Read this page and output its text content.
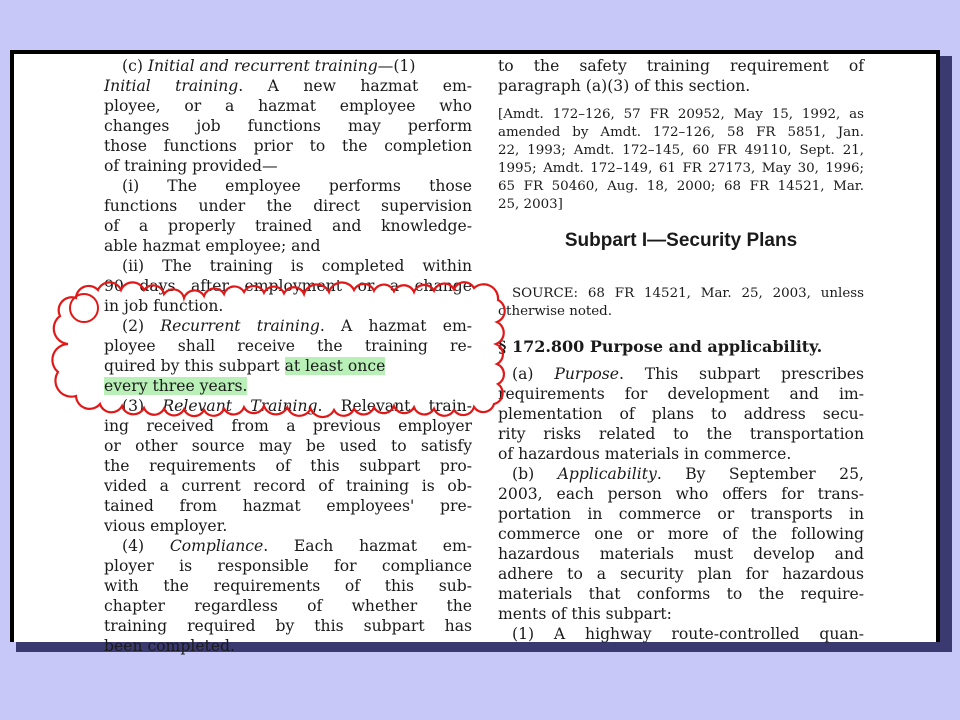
(c) Initial and recurrent training—(1)
Initial training. A new hazmat em-
ployee, or a hazmat employee who
changes job functions may perform
those functions prior to the completion
of training provided—
(i) The employee performs those
functions under the direct supervision
of a properly trained and knowledge-
able hazmat employee; and
(ii) The training is completed within
90 days after employment or a change
in job function.
(2) Recurrent training. A hazmat em-
ployee shall receive the training re-
quired by this subpart at least once
every three years.
(3) Relevant Training. Relevant train-
ing received from a previous employer
or other source may be used to satisfy
the requirements of this subpart pro-
vided a current record of training is ob-
tained from hazmat employees' pre-
vious employer.
(4) Compliance. Each hazmat em-
ployer is responsible for compliance
with the requirements of this sub-
chapter regardless of whether the
training required by this subpart has
been completed.
to the safety training requirement of
paragraph (a)(3) of this section.
[Amdt. 172–126, 57 FR 20952, May 15, 1992, as
amended by Amdt. 172–126, 58 FR 5851, Jan.
22, 1993; Amdt. 172–145, 60 FR 49110, Sept. 21,
1995; Amdt. 172–149, 61 FR 27173, May 30, 1996;
65 FR 50460, Aug. 18, 2000; 68 FR 14521, Mar.
25, 2003]
Subpart I—Security Plans
SOURCE: 68 FR 14521, Mar. 25, 2003, unless
otherwise noted.
§ 172.800 Purpose and applicability.
(a) Purpose. This subpart prescribes
requirements for development and im-
plementation of plans to address secu-
rity risks related to the transportation
of hazardous materials in commerce.
(b) Applicability. By September 25,
2003, each person who offers for trans-
portation in commerce or transports in
commerce one or more of the following
hazardous materials must develop and
adhere to a security plan for hazardous
materials that conforms to the require-
ments of this subpart:
(1) A highway route-controlled quan-
